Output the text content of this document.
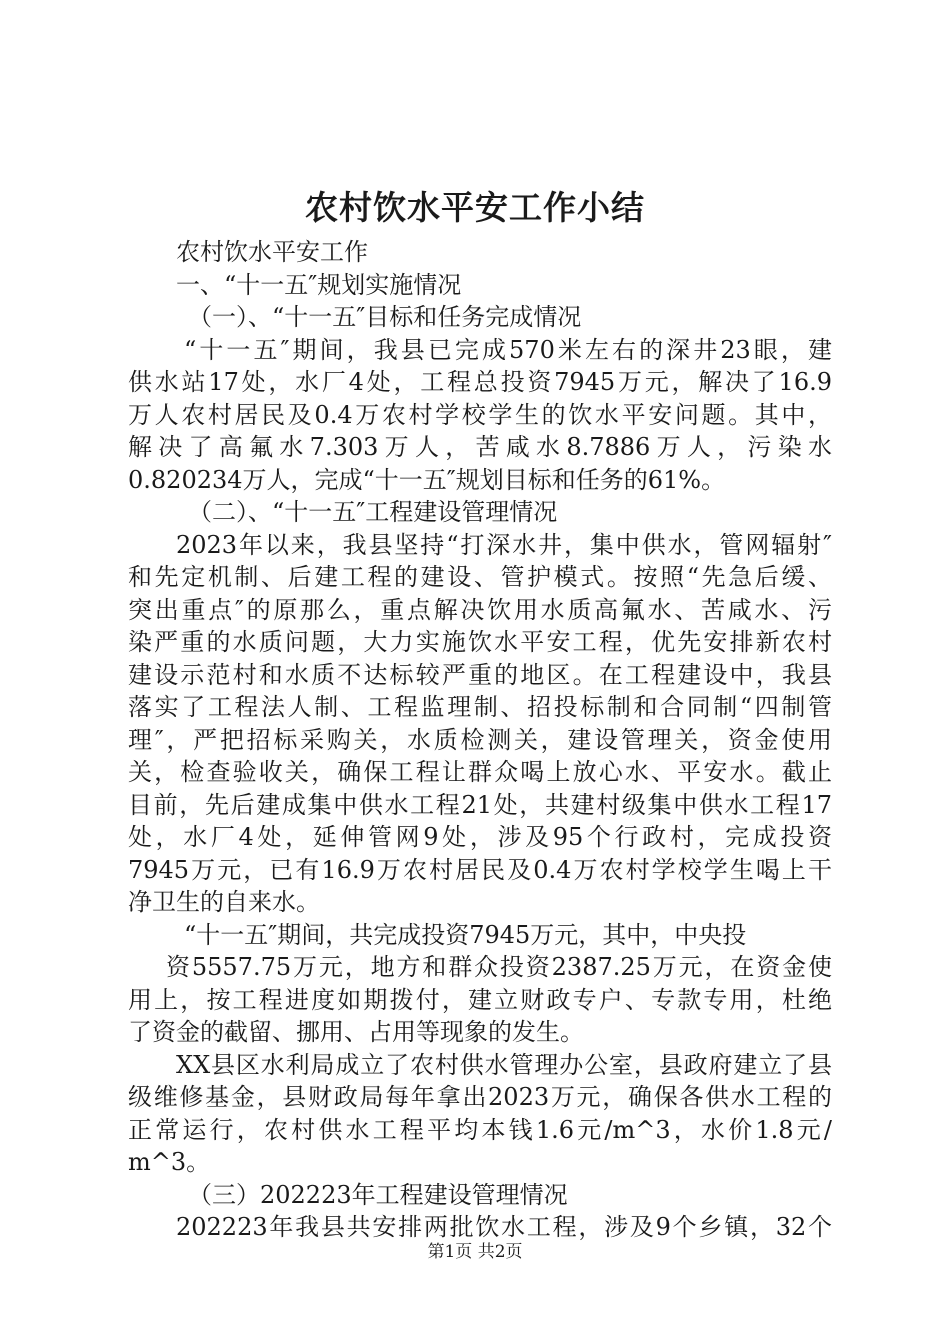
农村饮水平安工作小结
农村饮水平安工作
一、“十一五″规划实施情况
（一）、“十一五″目标和任务完成情况
“十一五″期间，我县已完成570米左右的深井23眼，建
供水站17处，水厂4处，工程总投资7945万元，解决了16.9
万人农村居民及0.4万农村学校学生的饮水平安问题。其中，
解决了高氟水7.303万人，苦咸水8.7886万人，污染水
0.820234万人，完成“十一五″规划目标和任务的61%。
（二）、“十一五″工程建设管理情况
2023年以来，我县坚持“打深水井，集中供水，管网辐射″
和先定机制、后建工程的建设、管护模式。按照“先急后缓、
突出重点″的原那么，重点解决饮用水质高氟水、苦咸水、污
染严重的水质问题，大力实施饮水平安工程，优先安排新农村
建设示范村和水质不达标较严重的地区。在工程建设中，我县
落实了工程法人制、工程监理制、招投标制和合同制“四制管
理″，严把招标采购关，水质检测关，建设管理关，资金使用
关，检查验收关，确保工程让群众喝上放心水、平安水。截止
目前，先后建成集中供水工程21处，共建村级集中供水工程17
处，水厂4处，延伸管网9处，涉及95个行政村，完成投资
7945万元，已有16.9万农村居民及0.4万农村学校学生喝上干
净卫生的自来水。
“十一五″期间，共完成投资7945万元，其中，中央投
资5557.75万元，地方和群众投资2387.25万元，在资金使
用上，按工程进度如期拨付，建立财政专户、专款专用，杜绝
了资金的截留、挪用、占用等现象的发生。
XX县区水利局成立了农村供水管理办公室，县政府建立了县
级维修基金，县财政局每年拿出2023万元，确保各供水工程的
正常运行，农村供水工程平均本钱1.6元/m^3，水价1.8元/
m^3。
（三）202223年工程建设管理情况
202223年我县共安排两批饮水工程，涉及9个乡镇，32个
第1页 共2页
